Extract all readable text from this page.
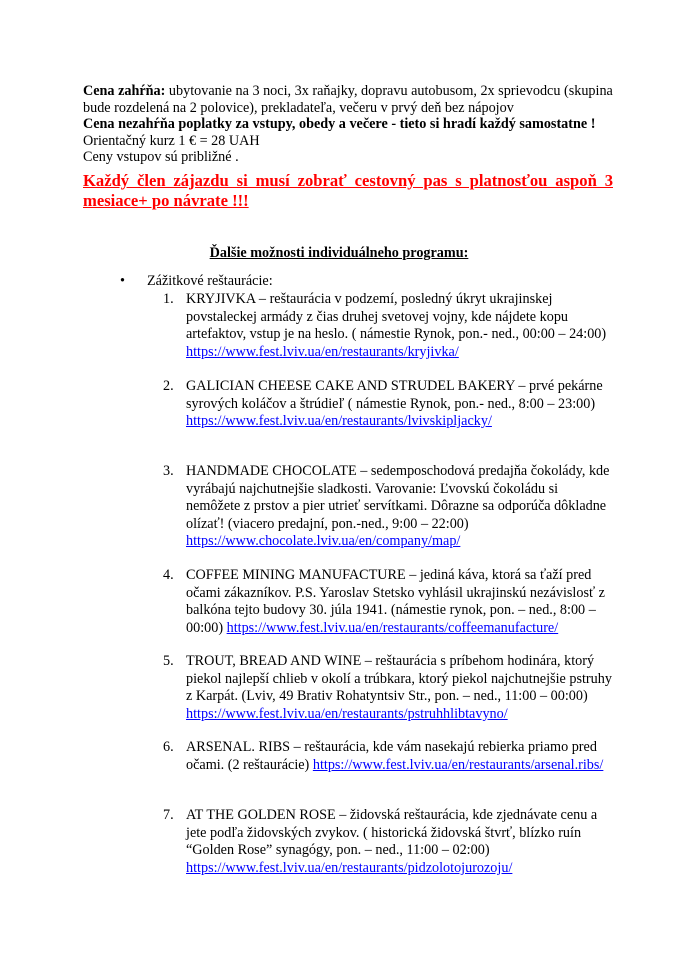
Cena zahŕňa: ubytovanie na 3 noci, 3x raňajky, dopravu autobusom, 2x sprievodcu (skupina bude rozdelená na 2 polovice), prekladateľa, večeru v prvý deň bez nápojov

Cena nezahŕňa poplatky za vstupy, obedy a večere - tieto si hradí každý samostatne !

Orientačný kurz 1 € = 28 UAH

Ceny vstupov sú približné .

Každý člen zájazdu si musí zobrať cestovný pas s platnosťou aspoň 3 mesiace+ po návrate !!!
Ďalšie možnosti individuálneho programu:
• Zážitkové reštaurácie:
1. KRYJIVKA – reštaurácia v podzemí, posledný úkryt ukrajinskej povstaleckej armády z čias druhej svetovej vojny, kde nájdete kopu artefaktov, vstup je na heslo. ( námestie Rynok, pon.- ned., 00:00 – 24:00) https://www.fest.lviv.ua/en/restaurants/kryjivka/
2. GALICIAN CHEESE CAKE AND STRUDEL BAKERY – prvé pekárne syrových koláčov a štrúdieľ ( námestie Rynok, pon.- ned., 8:00 – 23:00) https://www.fest.lviv.ua/en/restaurants/lvivskipljacky/
3. HANDMADE CHOCOLATE – sedemposchodová predajňa čokolády, kde vyrábajú najchutnejšie sladkosti. Varovanie: Ľvovskú čokoládu si nemôžete z prstov a pier utrieť servítkami. Dôrazne sa odporúča dôkladne olízať! (viacero predajní, pon.-ned., 9:00 – 22:00) https://www.chocolate.lviv.ua/en/company/map/
4. COFFEE MINING MANUFACTURE – jediná káva, ktorá sa ťaží pred očami zákazníkov. P.S. Yaroslav Stetsko vyhlásil ukrajinskú nezávislosť z balkóna tejto budovy 30. júla 1941. (námestie rynok, pon. – ned., 8:00 – 00:00) https://www.fest.lviv.ua/en/restaurants/coffeemanufacture/
5. TROUT, BREAD AND WINE – reštaurácia s príbehom hodinára, ktorý piekol najlepší chlieb v okolí a trúbkara, ktorý piekol najchutnejšie pstruhy z Karpát. (Lviv, 49 Brativ Rohatyntsiv Str., pon. – ned., 11:00 – 00:00) https://www.fest.lviv.ua/en/restaurants/pstruhhlibtavyno/
6. ARSENAL. RIBS – reštaurácia, kde vám nasekajú rebierka priamo pred očami. (2 reštaurácie) https://www.fest.lviv.ua/en/restaurants/arsenal.ribs/
7. AT THE GOLDEN ROSE – židovská reštaurácia, kde zjednávate cenu a jete podľa židovských zvykov. ( historická židovská štvrť, blízko ruín “Golden Rose” synagógy, pon. – ned., 11:00 – 02:00) https://www.fest.lviv.ua/en/restaurants/pidzolotojurozoju/
